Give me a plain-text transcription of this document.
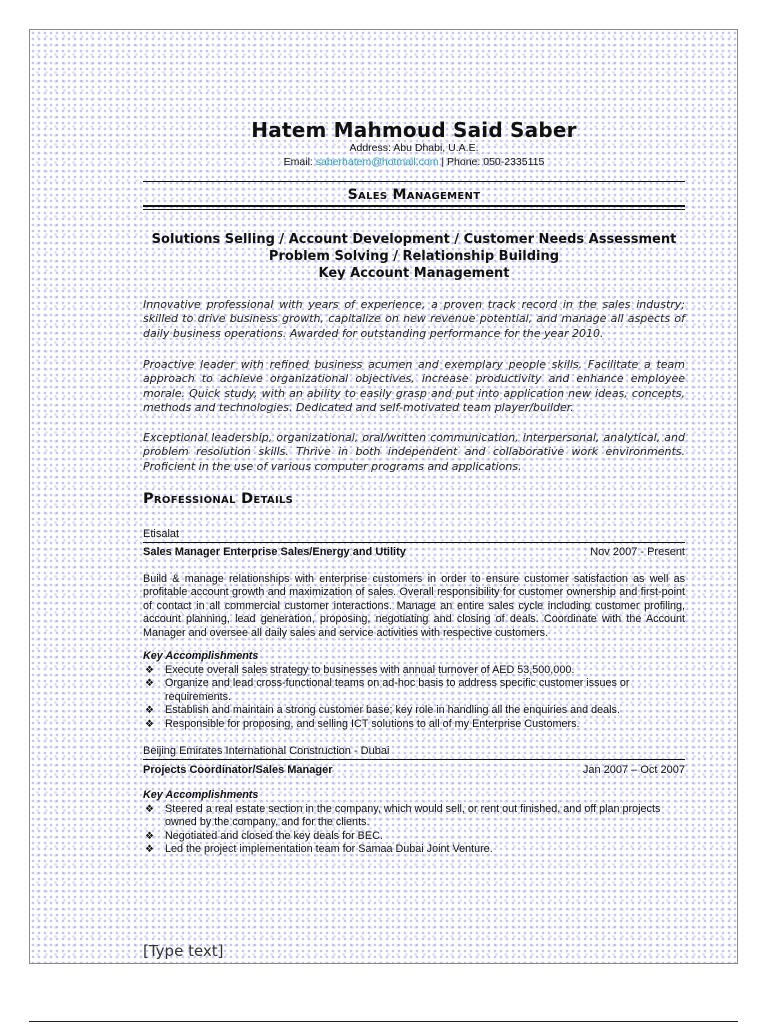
Hatem Mahmoud Said Saber
Address: Abu Dhabi, U.A.E.
Email: saberhatem@hotmail.com | Phone: 050-2335115
Sales Management
Solutions Selling / Account Development / Customer Needs Assessment
Problem Solving / Relationship Building
Key Account Management
Innovative professional with years of experience, a proven track record in the sales industry; skilled to drive business growth, capitalize on new revenue potential, and manage all aspects of daily business operations. Awarded for outstanding performance for the year 2010.
Proactive leader with refined business acumen and exemplary people skills. Facilitate a team approach to achieve organizational objectives, increase productivity and enhance employee morale. Quick study, with an ability to easily grasp and put into application new ideas, concepts, methods and technologies. Dedicated and self-motivated team player/builder.
Exceptional leadership, organizational, oral/written communication, interpersonal, analytical, and problem resolution skills. Thrive in both independent and collaborative work environments. Proficient in the use of various computer programs and applications.
Professional Details
Etisalat
Sales Manager Enterprise Sales/Energy and Utility	Nov 2007 - Present
Build & manage relationships with enterprise customers in order to ensure customer satisfaction as well as profitable account growth and maximization of sales. Overall responsibility for customer ownership and first-point of contact in all commercial customer interactions. Manage an entire sales cycle including customer profiling, account planning, lead generation, proposing, negotiating and closing of deals. Coordinate with the Account Manager and oversee all daily sales and service activities with respective customers.
Key Accomplishments
❖ Execute overall sales strategy to businesses with annual turnover of AED 53,500,000.
❖ Organize and lead cross-functional teams on ad-hoc basis to address specific customer issues or requirements.
❖ Establish and maintain a strong customer base; key role in handling all the enquiries and deals.
❖ Responsible for proposing, and selling ICT solutions to all of my Enterprise Customers.
Beijing Emirates International Construction - Dubai
Projects Coordinator/Sales Manager	Jan 2007 – Oct 2007
Key Accomplishments
❖ Steered a real estate section in the company, which would sell, or rent out finished, and off plan projects owned by the company, and for the clients.
❖ Negotiated and closed the key deals for BEC.
❖ Led the project implementation team for Samaa Dubai Joint Venture.
[Type text]
